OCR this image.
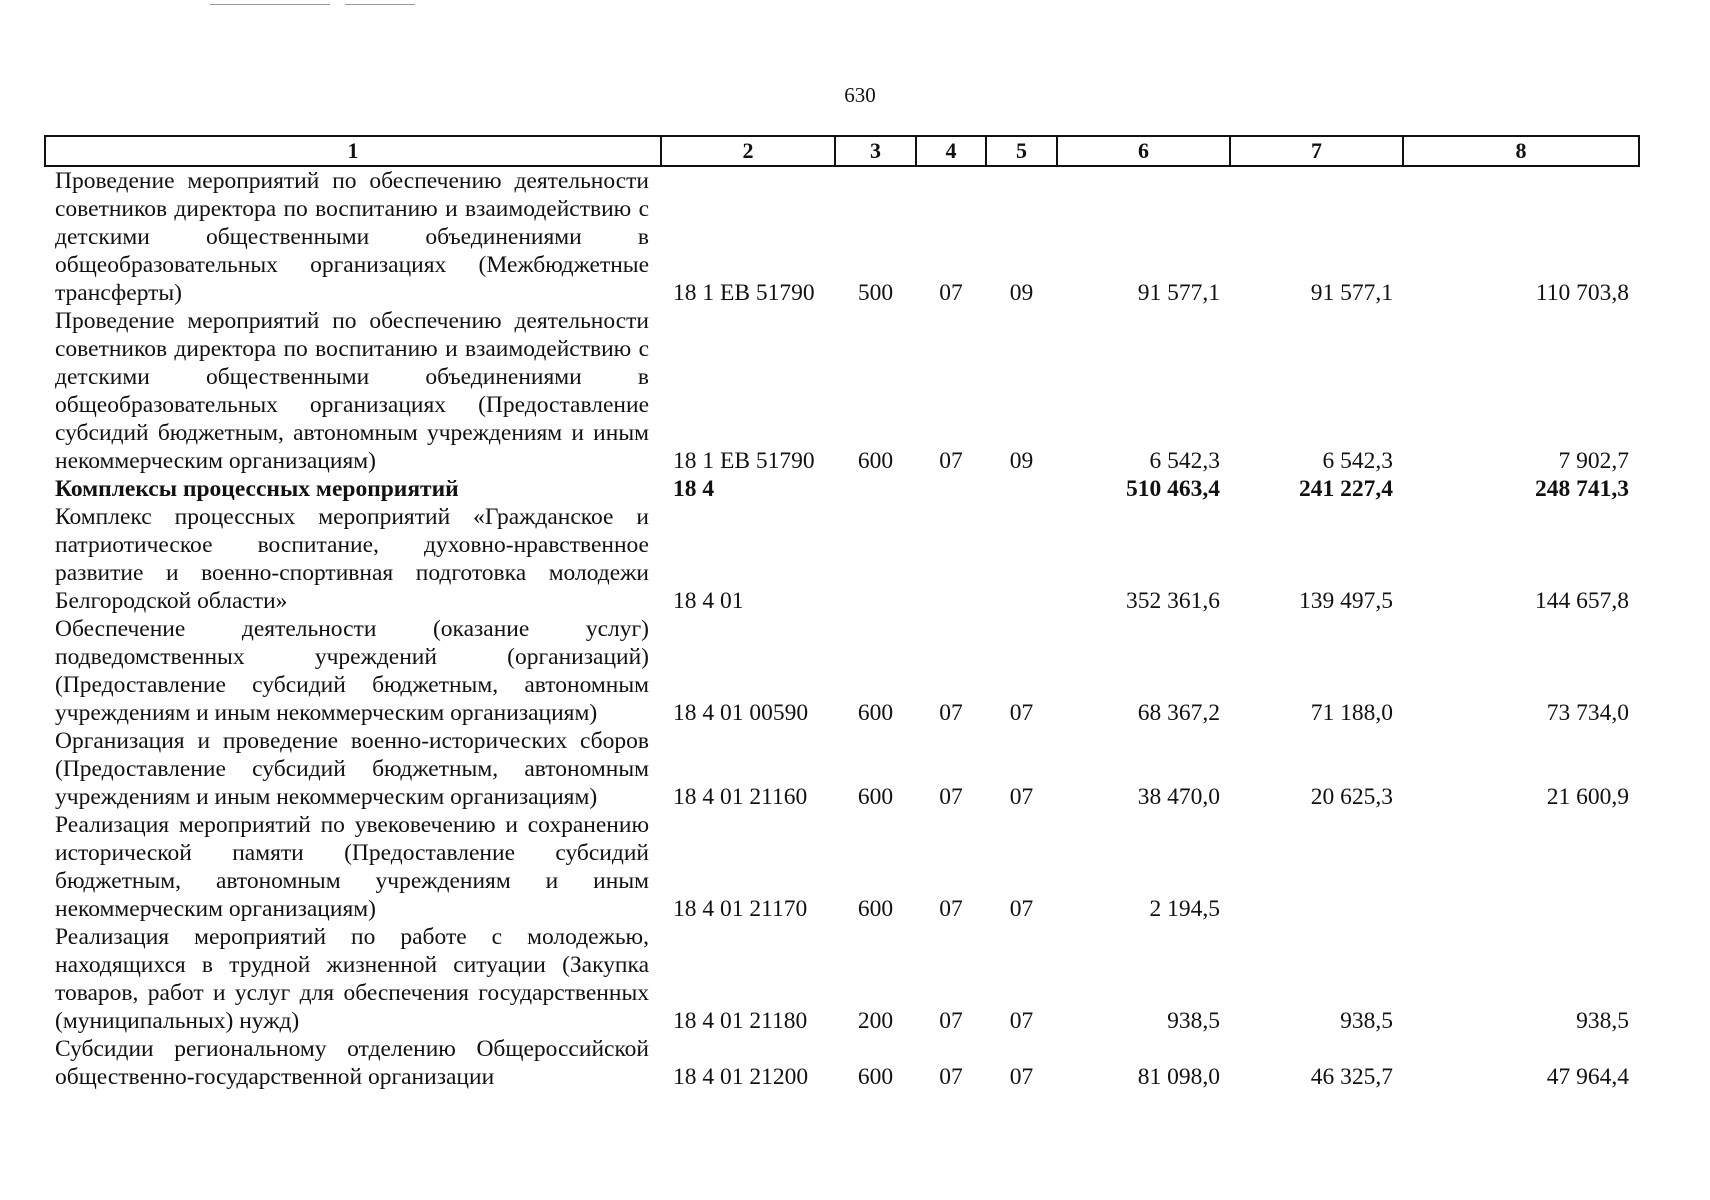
630
1	2	3	4	5	6	7	8
Проведение мероприятий по обеспечению деятельности советников директора по воспитанию и взаимодействию с детскими общественными объединениями в общеобразовательных организациях (Межбюджетные трансферты)	18 1 ЕВ 51790	500	07	09	91 577,1	91 577,1	110 703,8
Проведение мероприятий по обеспечению деятельности советников директора по воспитанию и взаимодействию с детскими общественными объединениями в общеобразовательных организациях (Предоставление субсидий бюджетным, автономным учреждениям и иным некоммерческим организациям)	18 1 ЕВ 51790	600	07	09	6 542,3	6 542,3	7 902,7
Комплексы процессных мероприятий	18 4				510 463,4	241 227,4	248 741,3
Комплекс процессных мероприятий «Гражданское и патриотическое воспитание, духовно-нравственное развитие и военно-спортивная подготовка молодежи Белгородской области»	18 4 01				352 361,6	139 497,5	144 657,8
Обеспечение деятельности (оказание услуг) подведомственных учреждений (организаций) (Предоставление субсидий бюджетным, автономным учреждениям и иным некоммерческим организациям)	18 4 01 00590	600	07	07	68 367,2	71 188,0	73 734,0
Организация и проведение военно-исторических сборов (Предоставление субсидий бюджетным, автономным учреждениям и иным некоммерческим организациям)	18 4 01 21160	600	07	07	38 470,0	20 625,3	21 600,9
Реализация мероприятий по увековечению и сохранению исторической памяти (Предоставление субсидий бюджетным, автономным учреждениям и иным некоммерческим организациям)	18 4 01 21170	600	07	07	2 194,5		
Реализация мероприятий по работе с молодежью, находящихся в трудной жизненной ситуации (Закупка товаров, работ и услуг для обеспечения государственных (муниципальных) нужд)	18 4 01 21180	200	07	07	938,5	938,5	938,5
Субсидии региональному отделению Общероссийской общественно-государственной организации	18 4 01 21200	600	07	07	81 098,0	46 325,7	47 964,4
